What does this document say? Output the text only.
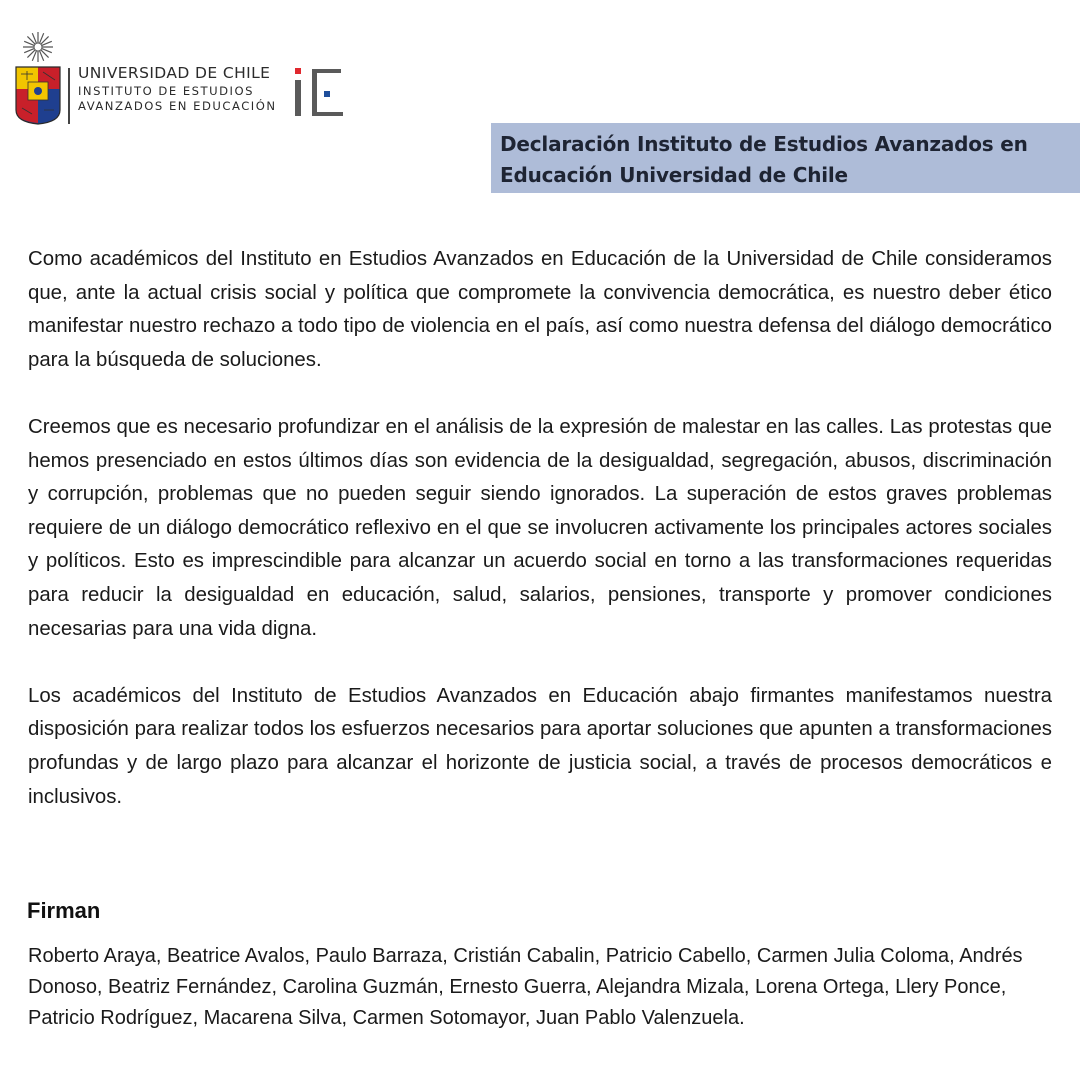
UNIVERSIDAD DE CHILE
INSTITUTO DE ESTUDIOS
AVANZADOS EN EDUCACIÓN
Declaración Instituto de Estudios Avanzados en Educación Universidad de Chile

Como académicos del Instituto en Estudios Avanzados en Educación de la Universidad de Chile consideramos que, ante la actual crisis social y política que compromete la convivencia democrática, es nuestro deber ético manifestar nuestro rechazo a todo tipo de violencia en el país, así como nuestra defensa del diálogo democrático para la búsqueda de soluciones.

Creemos que es necesario profundizar en el análisis de la expresión de malestar en las calles. Las protestas que hemos presenciado en estos últimos días son evidencia de la desigualdad, segregación, abusos, discriminación y corrupción, problemas que no pueden seguir siendo ignorados. La superación de estos graves problemas requiere de un diálogo democrático reflexivo en el que se involucren activamente los principales actores sociales y políticos. Esto es imprescindible para alcanzar un acuerdo social en torno a las transformaciones requeridas para reducir la desigualdad en educación, salud, salarios, pensiones, transporte y promover condiciones necesarias para una vida digna.

Los académicos del Instituto de Estudios Avanzados en Educación abajo firmantes manifestamos nuestra disposición para realizar todos los esfuerzos necesarios para aportar soluciones que apunten a transformaciones profundas y de largo plazo para alcanzar el horizonte de justicia social, a través de procesos democráticos e inclusivos.

Firman

Roberto Araya, Beatrice Avalos, Paulo Barraza, Cristián Cabalin, Patricio Cabello, Carmen Julia Coloma, Andrés Donoso, Beatriz Fernández, Carolina Guzmán, Ernesto Guerra, Alejandra Mizala, Lorena Ortega, Llery Ponce, Patricio Rodríguez, Macarena Silva, Carmen Sotomayor, Juan Pablo Valenzuela.
